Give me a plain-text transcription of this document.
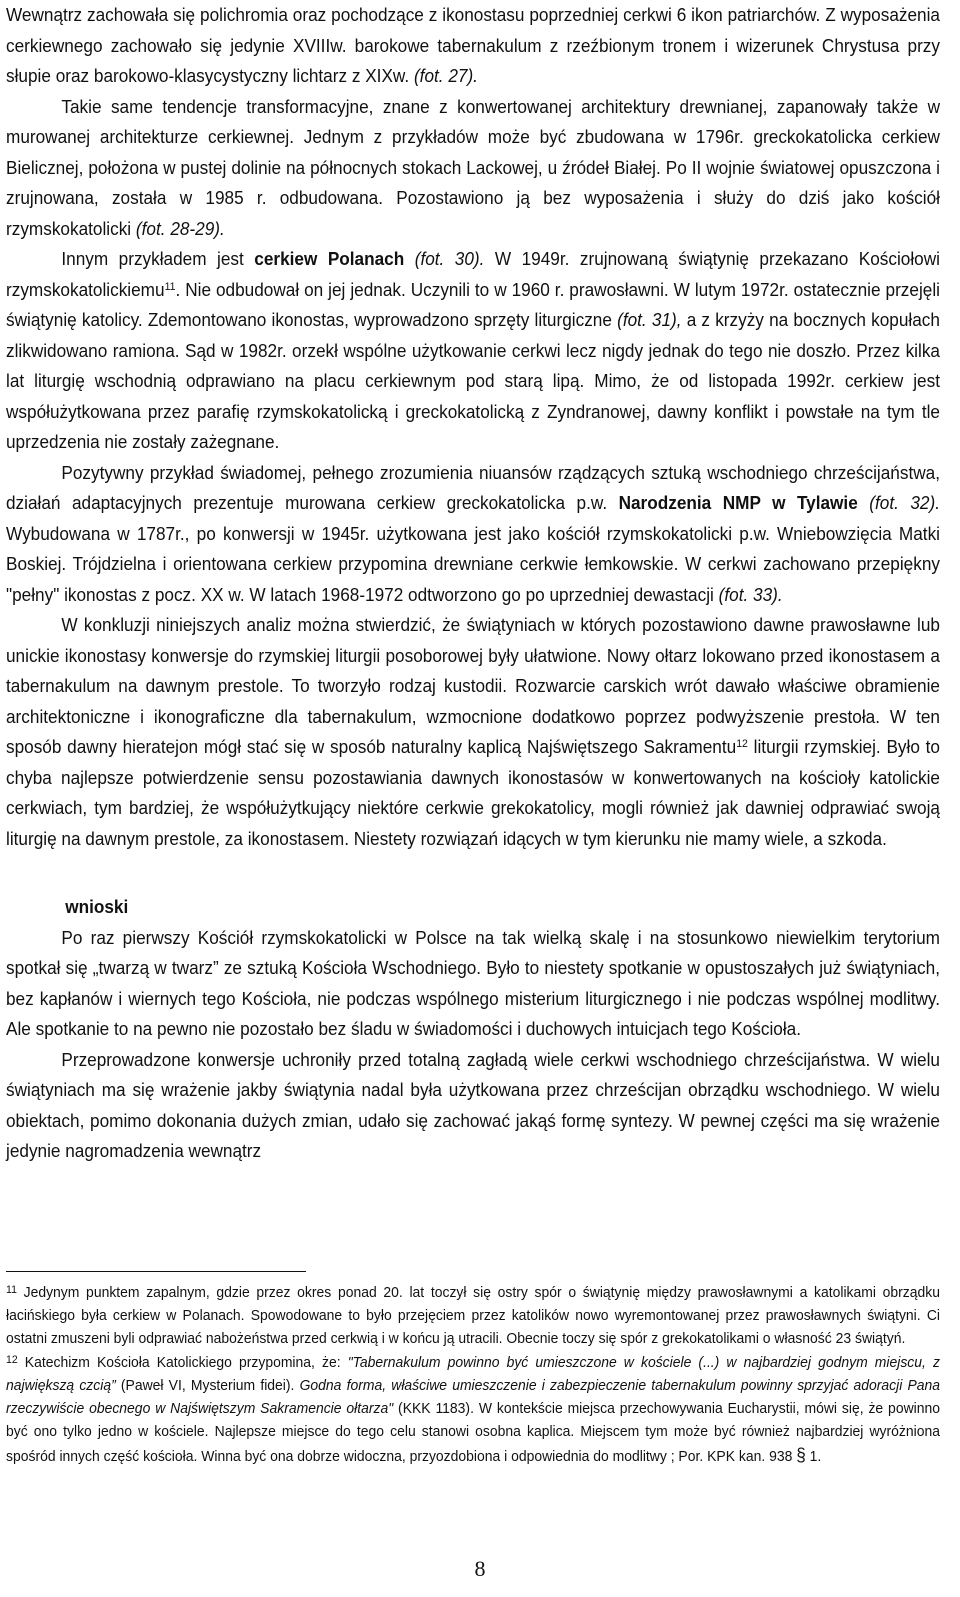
Wewnątrz zachowała się polichromia oraz pochodzące z ikonostasu poprzedniej cerkwi 6 ikon patriarchów. Z wyposażenia cerkiewnego zachowało się jedynie XVIIIw. barokowe tabernakulum z rzeźbionym tronem i wizerunek Chrystusa przy słupie oraz barokowo-klasycystyczny lichtarz z XIXw. (fot. 27).

Takie same tendencje transformacyjne, znane z konwertowanej architektury drewnianej, zapanowały także w murowanej architekturze cerkiewnej. Jednym z przykładów może być zbudowana w 1796r. greckokatolicka cerkiew Bielicznej, położona w pustej dolinie na północnych stokach Lackowej, u źródeł Białej. Po II wojnie światowej opuszczona i zrujnowana, została w 1985 r. odbudowana. Pozostawiono ją bez wyposażenia i służy do dziś jako kościół rzymskokatolicki (fot. 28-29).

Innym przykładem jest cerkiew Polanach (fot. 30). W 1949r. zrujnowaną świątynię przekazano Kościołowi rzymskokatolickiemu$^{11}$. Nie odbudował on jej jednak. Uczynili to w 1960 r. prawosławni. W lutym 1972r. ostatecznie przejęli świątynię katolicy. Zdemontowano ikonostas, wyprowadzono sprzęty liturgiczne (fot. 31), a z krzyży na bocznych kopułach zlikwidowano ramiona. Sąd w 1982r. orzekł wspólne użytkowanie cerkwi lecz nigdy jednak do tego nie doszło. Przez kilka lat liturgię wschodnią odprawiano na placu cerkiewnym pod starą lipą. Mimo, że od listopada 1992r. cerkiew jest współużytkowana przez parafię rzymskokatolicką i greckokatolicką z Zyndranowej, dawny konflikt i powstałe na tym tle uprzedzenia nie zostały zażegnane.

Pozytywny przykład świadomej, pełnego zrozumienia niuansów rządzących sztuką wschodniego chrześcijaństwa, działań adaptacyjnych prezentuje murowana cerkiew greckokatolicka p.w. Narodzenia NMP w Tylawie (fot. 32). Wybudowana w 1787r., po konwersji w 1945r. użytkowana jest jako kościół rzymskokatolicki p.w. Wniebowzięcia Matki Boskiej. Trójdzielna i orientowana cerkiew przypomina drewniane cerkwie łemkowskie. W cerkwi zachowano przepiękny "pełny" ikonostas z pocz. XX w. W latach 1968-1972 odtworzono go po uprzedniej dewastacji (fot. 33).

W konkluzji niniejszych analiz można stwierdzić, że świątyniach w których pozostawiono dawne prawosławne lub unickie ikonostasy konwersje do rzymskiej liturgii posoborowej były ułatwione. Nowy ołtarz lokowano przed ikonostasem a tabernakulum na dawnym prestole. To tworzyło rodzaj kustodii. Rozwarcie carskich wrót dawało właściwe obramienie architektoniczne i ikonograficzne dla tabernakulum, wzmocnione dodatkowo poprzez podwyższenie prestoła. W ten sposób dawny hieratejon mógł stać się w sposób naturalny kaplicą Najświętszego Sakramentu$^{12}$ liturgii rzymskiej. Było to chyba najlepsze potwierdzenie sensu pozostawiania dawnych ikonostasów w konwertowanych na kościoły katolickie cerkwiach, tym bardziej, że współużytkujący niektóre cerkwie grekokatolicy, mogli również jak dawniej odprawiać swoją liturgię na dawnym prestole, za ikonostasem. Niestety rozwiązań idących w tym kierunku nie mamy wiele, a szkoda.

wnioski

Po raz pierwszy Kościół rzymskokatolicki w Polsce na tak wielką skalę i na stosunkowo niewielkim terytorium spotkał się „twarzą w twarz” ze sztuką Kościoła Wschodniego. Było to niestety spotkanie w opustoszałych już świątyniach, bez kapłanów i wiernych tego Kościoła, nie podczas wspólnego misterium liturgicznego i nie podczas wspólnej modlitwy. Ale spotkanie to na pewno nie pozostało bez śladu w świadomości i duchowych intuicjach tego Kościoła.

Przeprowadzone konwersje uchroniły przed totalną zagładą wiele cerkwi wschodniego chrześcijaństwa. W wielu świątyniach ma się wrażenie jakby świątynia nadal była użytkowana przez chrześcijan obrządku wschodniego. W wielu obiektach, pomimo dokonania dużych zmian, udało się zachować jakąś formę syntezy. W pewnej części ma się wrażenie jedynie nagromadzenia wewnątrz

$^{11}$ Jedynym punktem zapalnym, gdzie przez okres ponad 20. lat toczył się ostry spór o świątynię między prawosławnymi a katolikami obrządku łacińskiego była cerkiew w Polanach. Spowodowane to było przejęciem przez katolików nowo wyremontowanej przez prawosławnych świątyni. Ci ostatni zmuszeni byli odprawiać nabożeństwa przed cerkwią i w końcu ją utracili. Obecnie toczy się spór z grekokatolikami o własność 23 świątyń.

$^{12}$ Katechizm Kościoła Katolickiego przypomina, że: "Tabernakulum powinno być umieszczone w kościele (...) w najbardziej godnym miejscu, z największą czcią” (Paweł VI, Mysterium fidei). Godna forma, właściwe umieszczenie i zabezpieczenie tabernakulum powinny sprzyjać adoracji Pana rzeczywiście obecnego w Najświętszym Sakramencie ołtarza" (KKK 1183). W kontekście miejsca przechowywania Eucharystii, mówi się, że powinno być ono tylko jedno w kościele. Najlepsze miejsce do tego celu stanowi osobna kaplica. Miejscem tym może być również najbardziej wyróżniona spośród innych część kościoła. Winna być ona dobrze widoczna, przyozdobiona i odpowiednia do modlitwy ; Por. KPK kan. 938 § 1.

8
